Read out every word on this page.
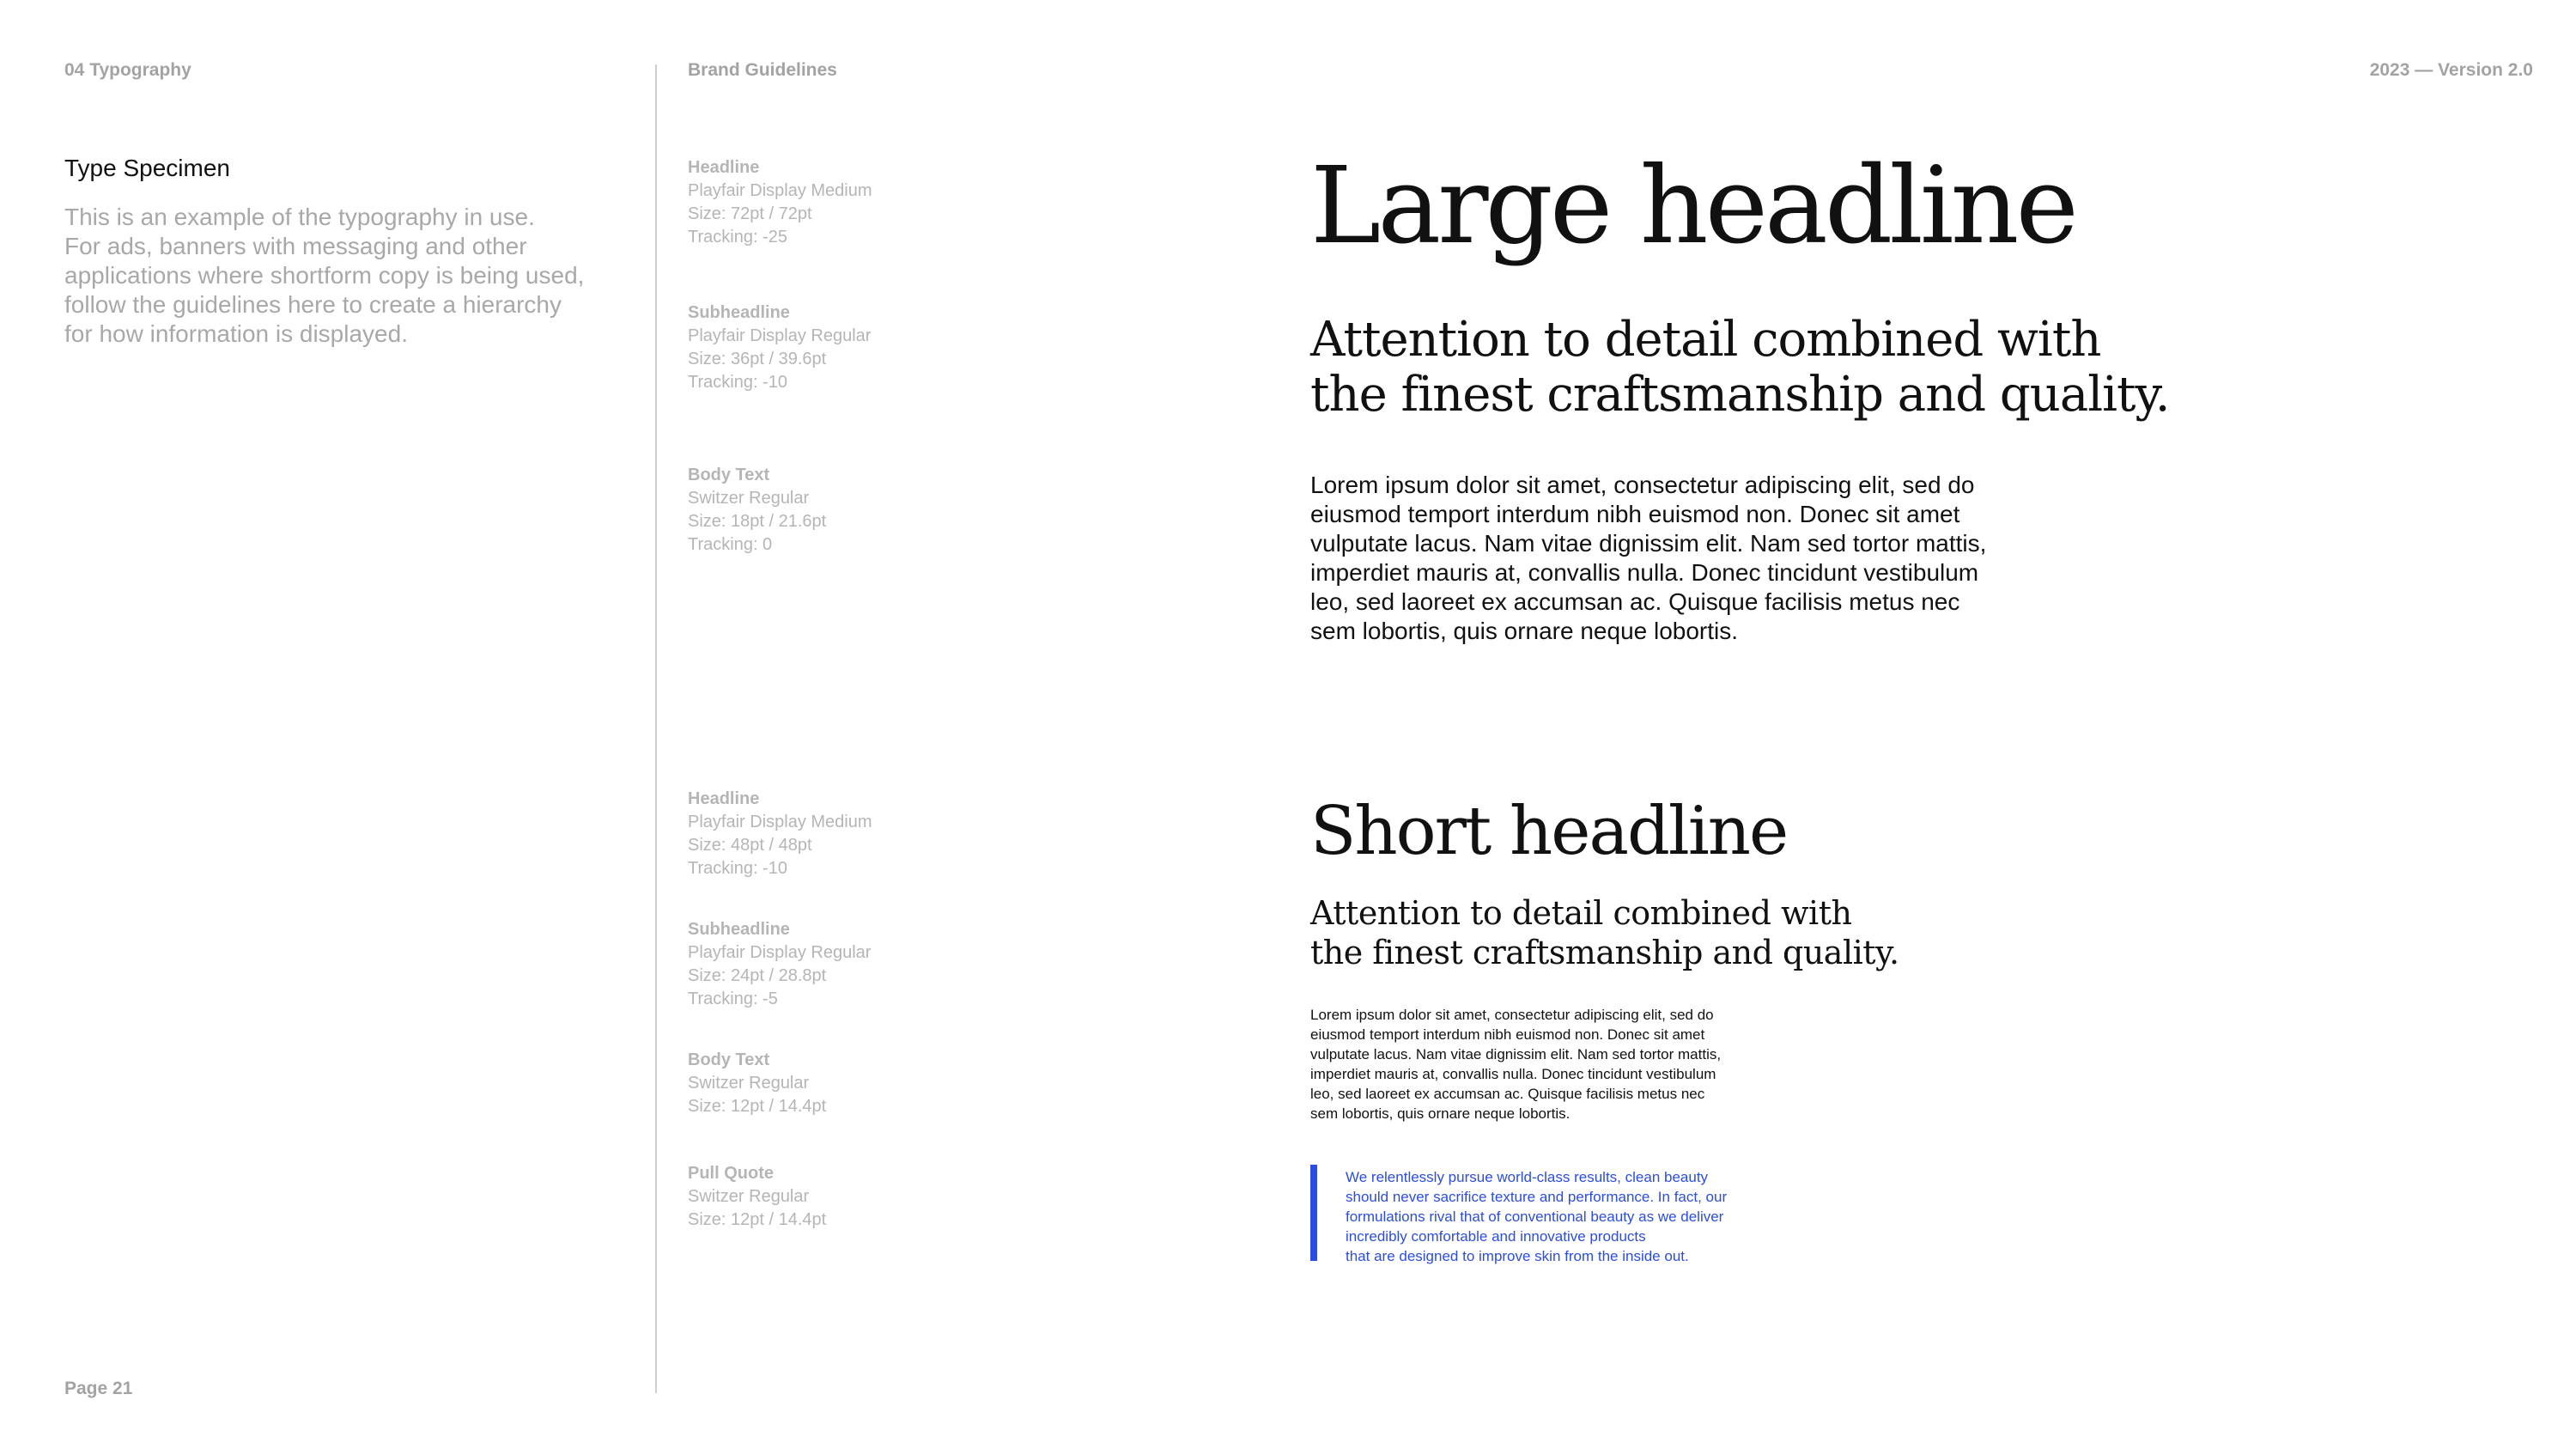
04 Typography	Brand Guidelines	2023 — Version 2.0
Type Specimen
This is an example of the typography in use.
For ads, banners with messaging and other
applications where shortform copy is being used,
follow the guidelines here to create a hierarchy
for how information is displayed.
Headline
Playfair Display Medium
Size: 72pt / 72pt
Tracking: -25
Subheadline
Playfair Display Regular
Size: 36pt / 39.6pt
Tracking: -10
Body Text
Switzer Regular
Size: 18pt / 21.6pt
Tracking: 0
Headline
Playfair Display Medium
Size: 48pt / 48pt
Tracking: -10
Subheadline
Playfair Display Regular
Size: 24pt / 28.8pt
Tracking: -5
Body Text
Switzer Regular
Size: 12pt / 14.4pt
Pull Quote
Switzer Regular
Size: 12pt / 14.4pt
Large headline
Attention to detail combined with
the finest craftsmanship and quality.
Lorem ipsum dolor sit amet, consectetur adipiscing elit, sed do
eiusmod temport interdum nibh euismod non. Donec sit amet
vulputate lacus. Nam vitae dignissim elit. Nam sed tortor mattis,
imperdiet mauris at, convallis nulla. Donec tincidunt vestibulum
leo, sed laoreet ex accumsan ac. Quisque facilisis metus nec
sem lobortis, quis ornare neque lobortis.
Short headline
Attention to detail combined with
the finest craftsmanship and quality.
Lorem ipsum dolor sit amet, consectetur adipiscing elit, sed do
eiusmod temport interdum nibh euismod non. Donec sit amet
vulputate lacus. Nam vitae dignissim elit. Nam sed tortor mattis,
imperdiet mauris at, convallis nulla. Donec tincidunt vestibulum
leo, sed laoreet ex accumsan ac. Quisque facilisis metus nec
sem lobortis, quis ornare neque lobortis.
We relentlessly pursue world-class results, clean beauty
should never sacrifice texture and performance. In fact, our
formulations rival that of conventional beauty as we deliver
incredibly comfortable and innovative products
that are designed to improve skin from the inside out.
Page 21
